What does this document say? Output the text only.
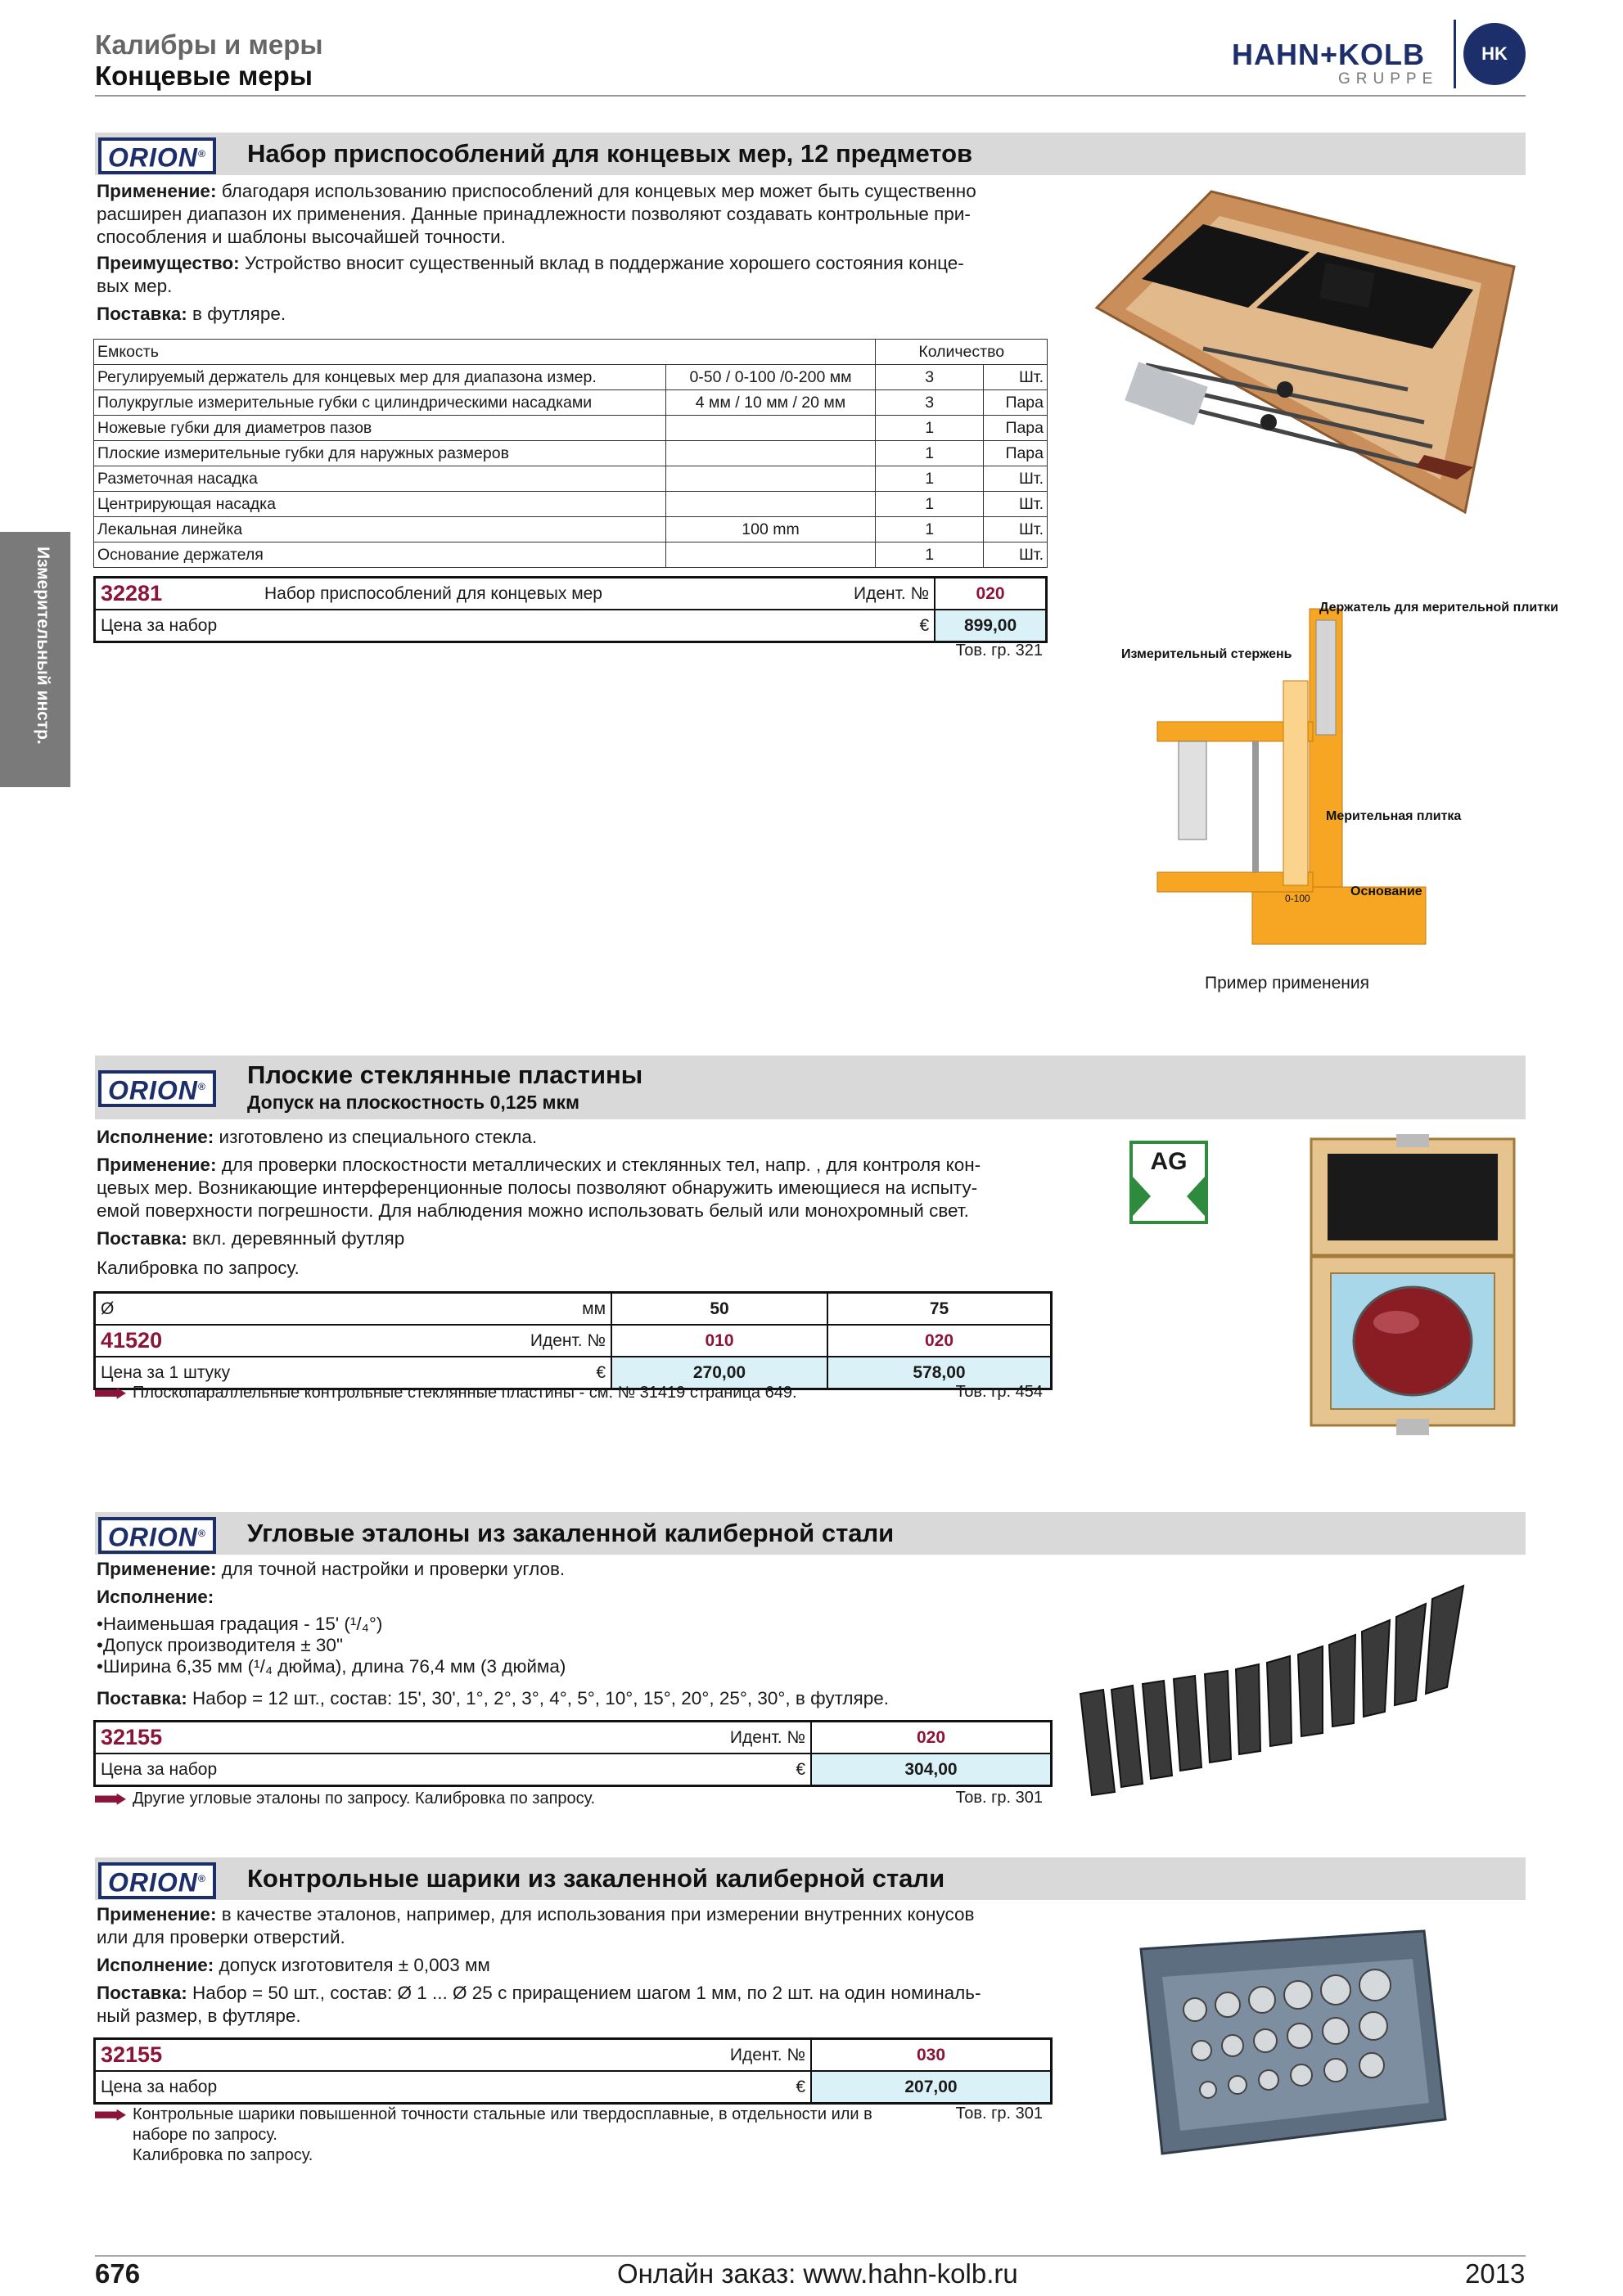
Калибры и меры
Концевые меры
HAHN+KOLB
GRUPPE
HK
Измерительный инстр.
ORION®	Набор приспособлений для концевых мер, 12 предметов
Применение: благодаря использованию приспособлений для концевых мер может быть существенно
расширен диапазон их применения. Данные принадлежности позволяют создавать контрольные при-
способления и шаблоны высочайшей точности.
Преимущество: Устройство вносит существенный вклад в поддержание хорошего состояния конце-
вых мер.
Поставка: в футляре.
Емкость		Количество	
Регулируемый держатель для концевых мер для диапазона измер.	0-50 / 0-100 /0-200 мм	3	Шт.
Полукруглые измерительные губки с цилиндрическими насадками	4 мм / 10 мм / 20 мм	3	Пара
Ножевые губки для диаметров пазов		1	Пара
Плоские измерительные губки для наружных размеров		1	Пара
Разметочная насадка		1	Шт.
Центрирующая насадка		1	Шт.
Лекальная линейка	100 mm	1	Шт.
Основание держателя		1	Шт.
32281	Набор приспособлений для концевых мер	Идент. №	020
Цена за набор		€	899,00
Тов. гр. 321
Держатель для мерительной плитки
Измерительный стержень
Мерительная плитка
Основание
0-100
Пример применения
ORION®	Плоские стеклянные пластины
Допуск на плоскостность 0,125 мкм
Исполнение: изготовлено из специального стекла.
Применение: для проверки плоскостности металлических и стеклянных тел, напр. , для контроля кон-
цевых мер. Возникающие интерференционные полосы позволяют обнаружить имеющиеся на испыту-
емой поверхности погрешности. Для наблюдения можно использовать белый или монохромный свет.
Поставка: вкл. деревянный футляр
Калибровка по запросу.
Ø	мм	50	75
41520	Идент. №	010	020
Цена за 1 штуку	€	270,00	578,00
Плоскопараллельные контрольные стеклянные пластины - см. № 31419 страница 649.	Тов. гр. 454
AG
ORION®	Угловые эталоны из закаленной калиберной стали
Применение: для точной настройки и проверки углов.
Исполнение:
•Наименьшая градация - 15' (¹/₄°)
•Допуск производителя ± 30"
•Ширина 6,35 мм (¹/₄ дюйма), длина 76,4 мм (3 дюйма)
Поставка: Набор = 12 шт., состав: 15', 30', 1°, 2°, 3°, 4°, 5°, 10°, 15°, 20°, 25°, 30°, в футляре.
32155		Идент. №	020
Цена за набор		€	304,00
Другие угловые эталоны по запросу. Калибровка по запросу.	Тов. гр. 301
ORION®	Контрольные шарики из закаленной калиберной стали
Применение: в качестве эталонов, например, для использования при измерении внутренних конусов
или для проверки отверстий.
Исполнение: допуск изготовителя ± 0,003 мм
Поставка: Набор = 50 шт., состав: Ø 1 ... Ø 25 с приращением шагом 1 мм, по 2 шт. на один номиналь-
ный размер, в футляре.
32155		Идент. №	030
Цена за набор		€	207,00
Контрольные шарики повышенной точности стальные или твердосплавные, в отдельности или в
наборе по запросу.
Калибровка по запросу.
Тов. гр. 301
676	Онлайн заказ: www.hahn-kolb.ru	2013
